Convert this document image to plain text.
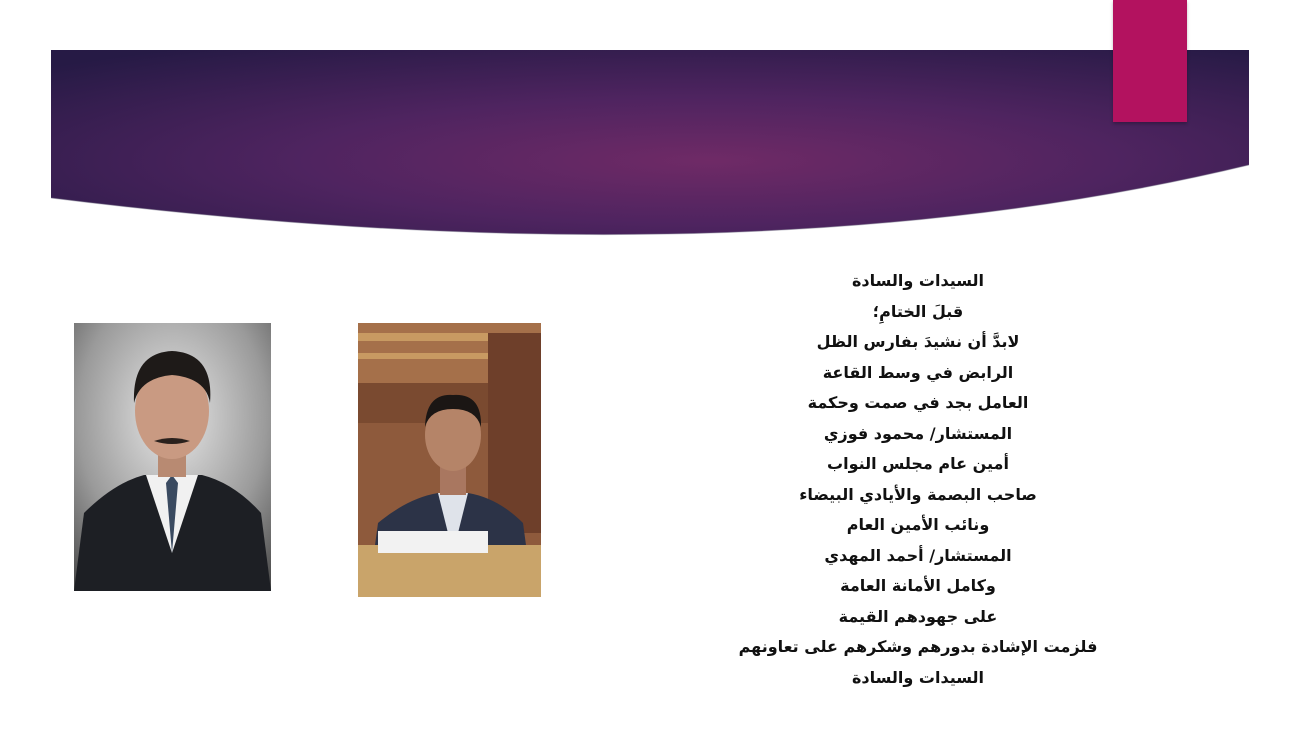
السيدات والسادة
قبلَ الختامِ؛
لابدَّ أن نشيدَ بفارس الظل
الرابض في وسط القاعة
العامل بجد في صمت وحكمة
المستشار/ محمود فوزي
أمين عام مجلس النواب
صاحب البصمة والأيادي البيضاء
ونائب الأمين العام
المستشار/ أحمد المهدي
وكامل الأمانة العامة
على جهودهم القيمة
فلزمت الإشادة بدورهم وشكرهم على تعاونهم
السيدات والسادة
